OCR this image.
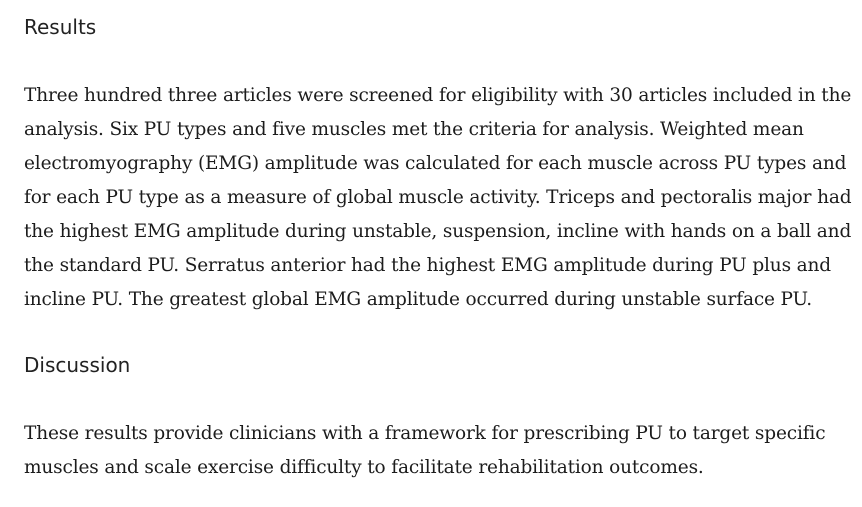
Results

Three hundred three articles were screened for eligibility with 30 articles included in the analysis. Six PU types and five muscles met the criteria for analysis. Weighted mean electromyography (EMG) amplitude was calculated for each muscle across PU types and for each PU type as a measure of global muscle activity. Triceps and pectoralis major had the highest EMG amplitude during unstable, suspension, incline with hands on a ball and the standard PU. Serratus anterior had the highest EMG amplitude during PU plus and incline PU. The greatest global EMG amplitude occurred during unstable surface PU.

Discussion

These results provide clinicians with a framework for prescribing PU to target specific muscles and scale exercise difficulty to facilitate rehabilitation outcomes.
